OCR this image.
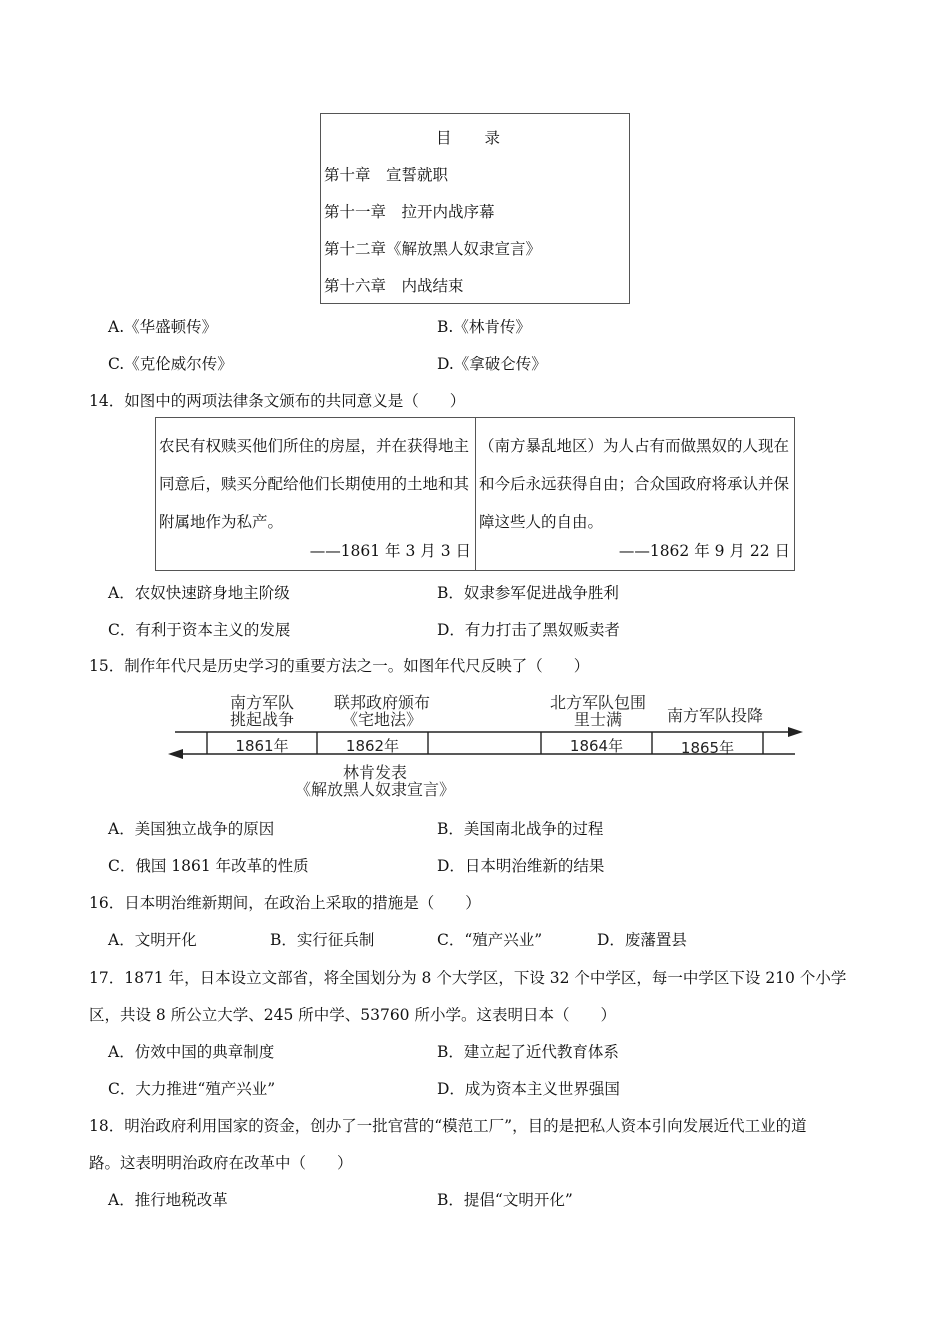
目 录
第十章　宣誓就职
第十一章　拉开内战序幕
第十二章《解放黑人奴隶宣言》
第十六章　内战结束
A.《华盛顿传》	B.《林肯传》
C.《克伦威尔传》	D.《拿破仑传》
14．如图中的两项法律条文颁布的共同意义是（　　）
农民有权赎买他们所住的房屋，并在获得地主同意后，赎买分配给他们长期使用的土地和其附属地作为私产。
——1861 年 3 月 3 日
（南方暴乱地区）为人占有而做黑奴的人现在和今后永远获得自由；合众国政府将承认并保障这些人的自由。
——1862 年 9 月 22 日
A．农奴快速跻身地主阶级	B．奴隶参军促进战争胜利
C．有利于资本主义的发展	D．有力打击了黑奴贩卖者
15．制作年代尺是历史学习的重要方法之一。如图年代尺反映了（　　）
南方军队
挑起战争
联邦政府颁布
《宅地法》
北方军队包围
里士满	南方军队投降
1861年	1862年	1864年	1865年
林肯发表
《解放黑人奴隶宣言》
A．美国独立战争的原因	B．美国南北战争的过程
C．俄国 1861 年改革的性质	D．日本明治维新的结果
16．日本明治维新期间，在政治上采取的措施是（　　）
A．文明开化	B．实行征兵制	C．“殖产兴业”	D．废藩置县
17．1871 年，日本设立文部省，将全国划分为 8 个大学区，下设 32 个中学区，每一中学区下设 210 个小学
区，共设 8 所公立大学、245 所中学、53760 所小学。这表明日本（　　）
A．仿效中国的典章制度	B．建立起了近代教育体系
C．大力推进“殖产兴业”	D．成为资本主义世界强国
18．明治政府利用国家的资金，创办了一批官营的“模范工厂”，目的是把私人资本引向发展近代工业的道
路。这表明明治政府在改革中（　　）
A．推行地税改革	B．提倡“文明开化”
